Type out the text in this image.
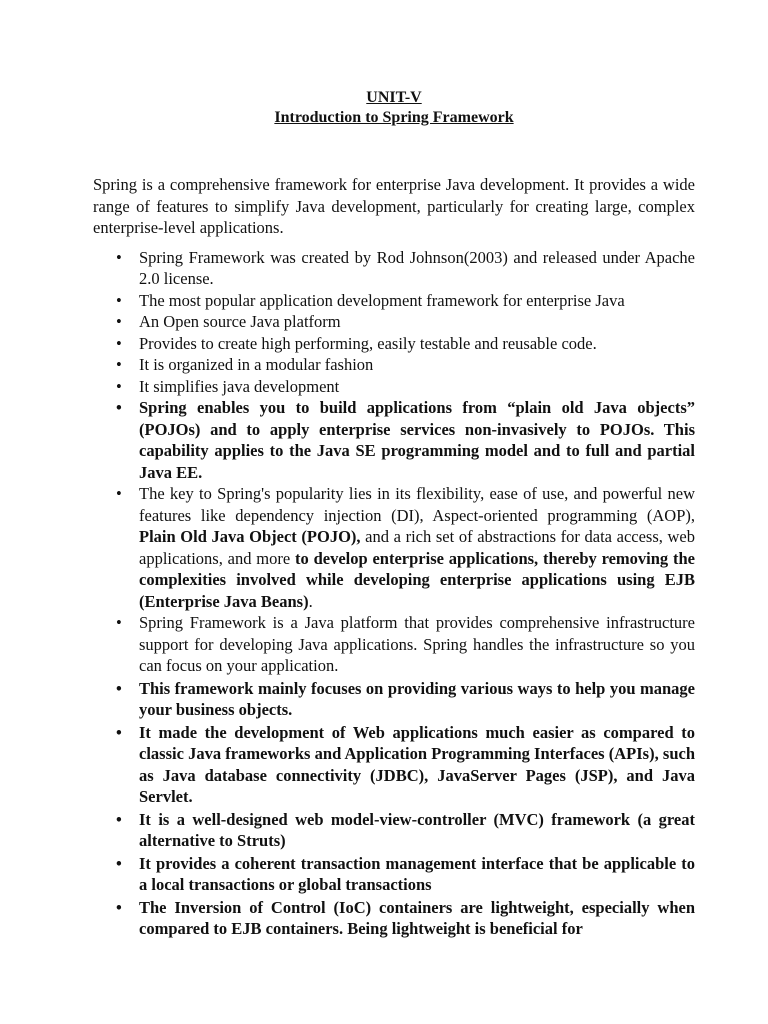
UNIT-V

Introduction to Spring Framework

Spring is a comprehensive framework for enterprise Java development. It provides a wide range of features to simplify Java development, particularly for creating large, complex enterprise-level applications.

• Spring Framework was created by Rod Johnson(2003) and released under Apache 2.0 license.
• The most popular application development framework for enterprise Java
• An Open source Java platform
• Provides to create high performing, easily testable and reusable code.
• It is organized in a modular fashion
• It simplifies java development
• Spring enables you to build applications from “plain old Java objects” (POJOs) and to apply enterprise services non-invasively to POJOs. This capability applies to the Java SE programming model and to full and partial Java EE.
• The key to Spring's popularity lies in its flexibility, ease of use, and powerful new features like dependency injection (DI), Aspect-oriented programming (AOP), Plain Old Java Object (POJO), and a rich set of abstractions for data access, web applications, and more to develop enterprise applications, thereby removing the complexities involved while developing enterprise applications using EJB (Enterprise Java Beans).
• Spring Framework is a Java platform that provides comprehensive infrastructure support for developing Java applications. Spring handles the infrastructure so you can focus on your application.
• This framework mainly focuses on providing various ways to help you manage your business objects.
• It made the development of Web applications much easier as compared to classic Java frameworks and Application Programming Interfaces (APIs), such as Java database connectivity (JDBC), JavaServer Pages (JSP), and Java Servlet.
• It is a well-designed web model-view-controller (MVC) framework (a great alternative to Struts)
• It provides a coherent transaction management interface that be applicable to a local transactions or global transactions
• The Inversion of Control (IoC) containers are lightweight, especially when compared to EJB containers. Being lightweight is beneficial for
